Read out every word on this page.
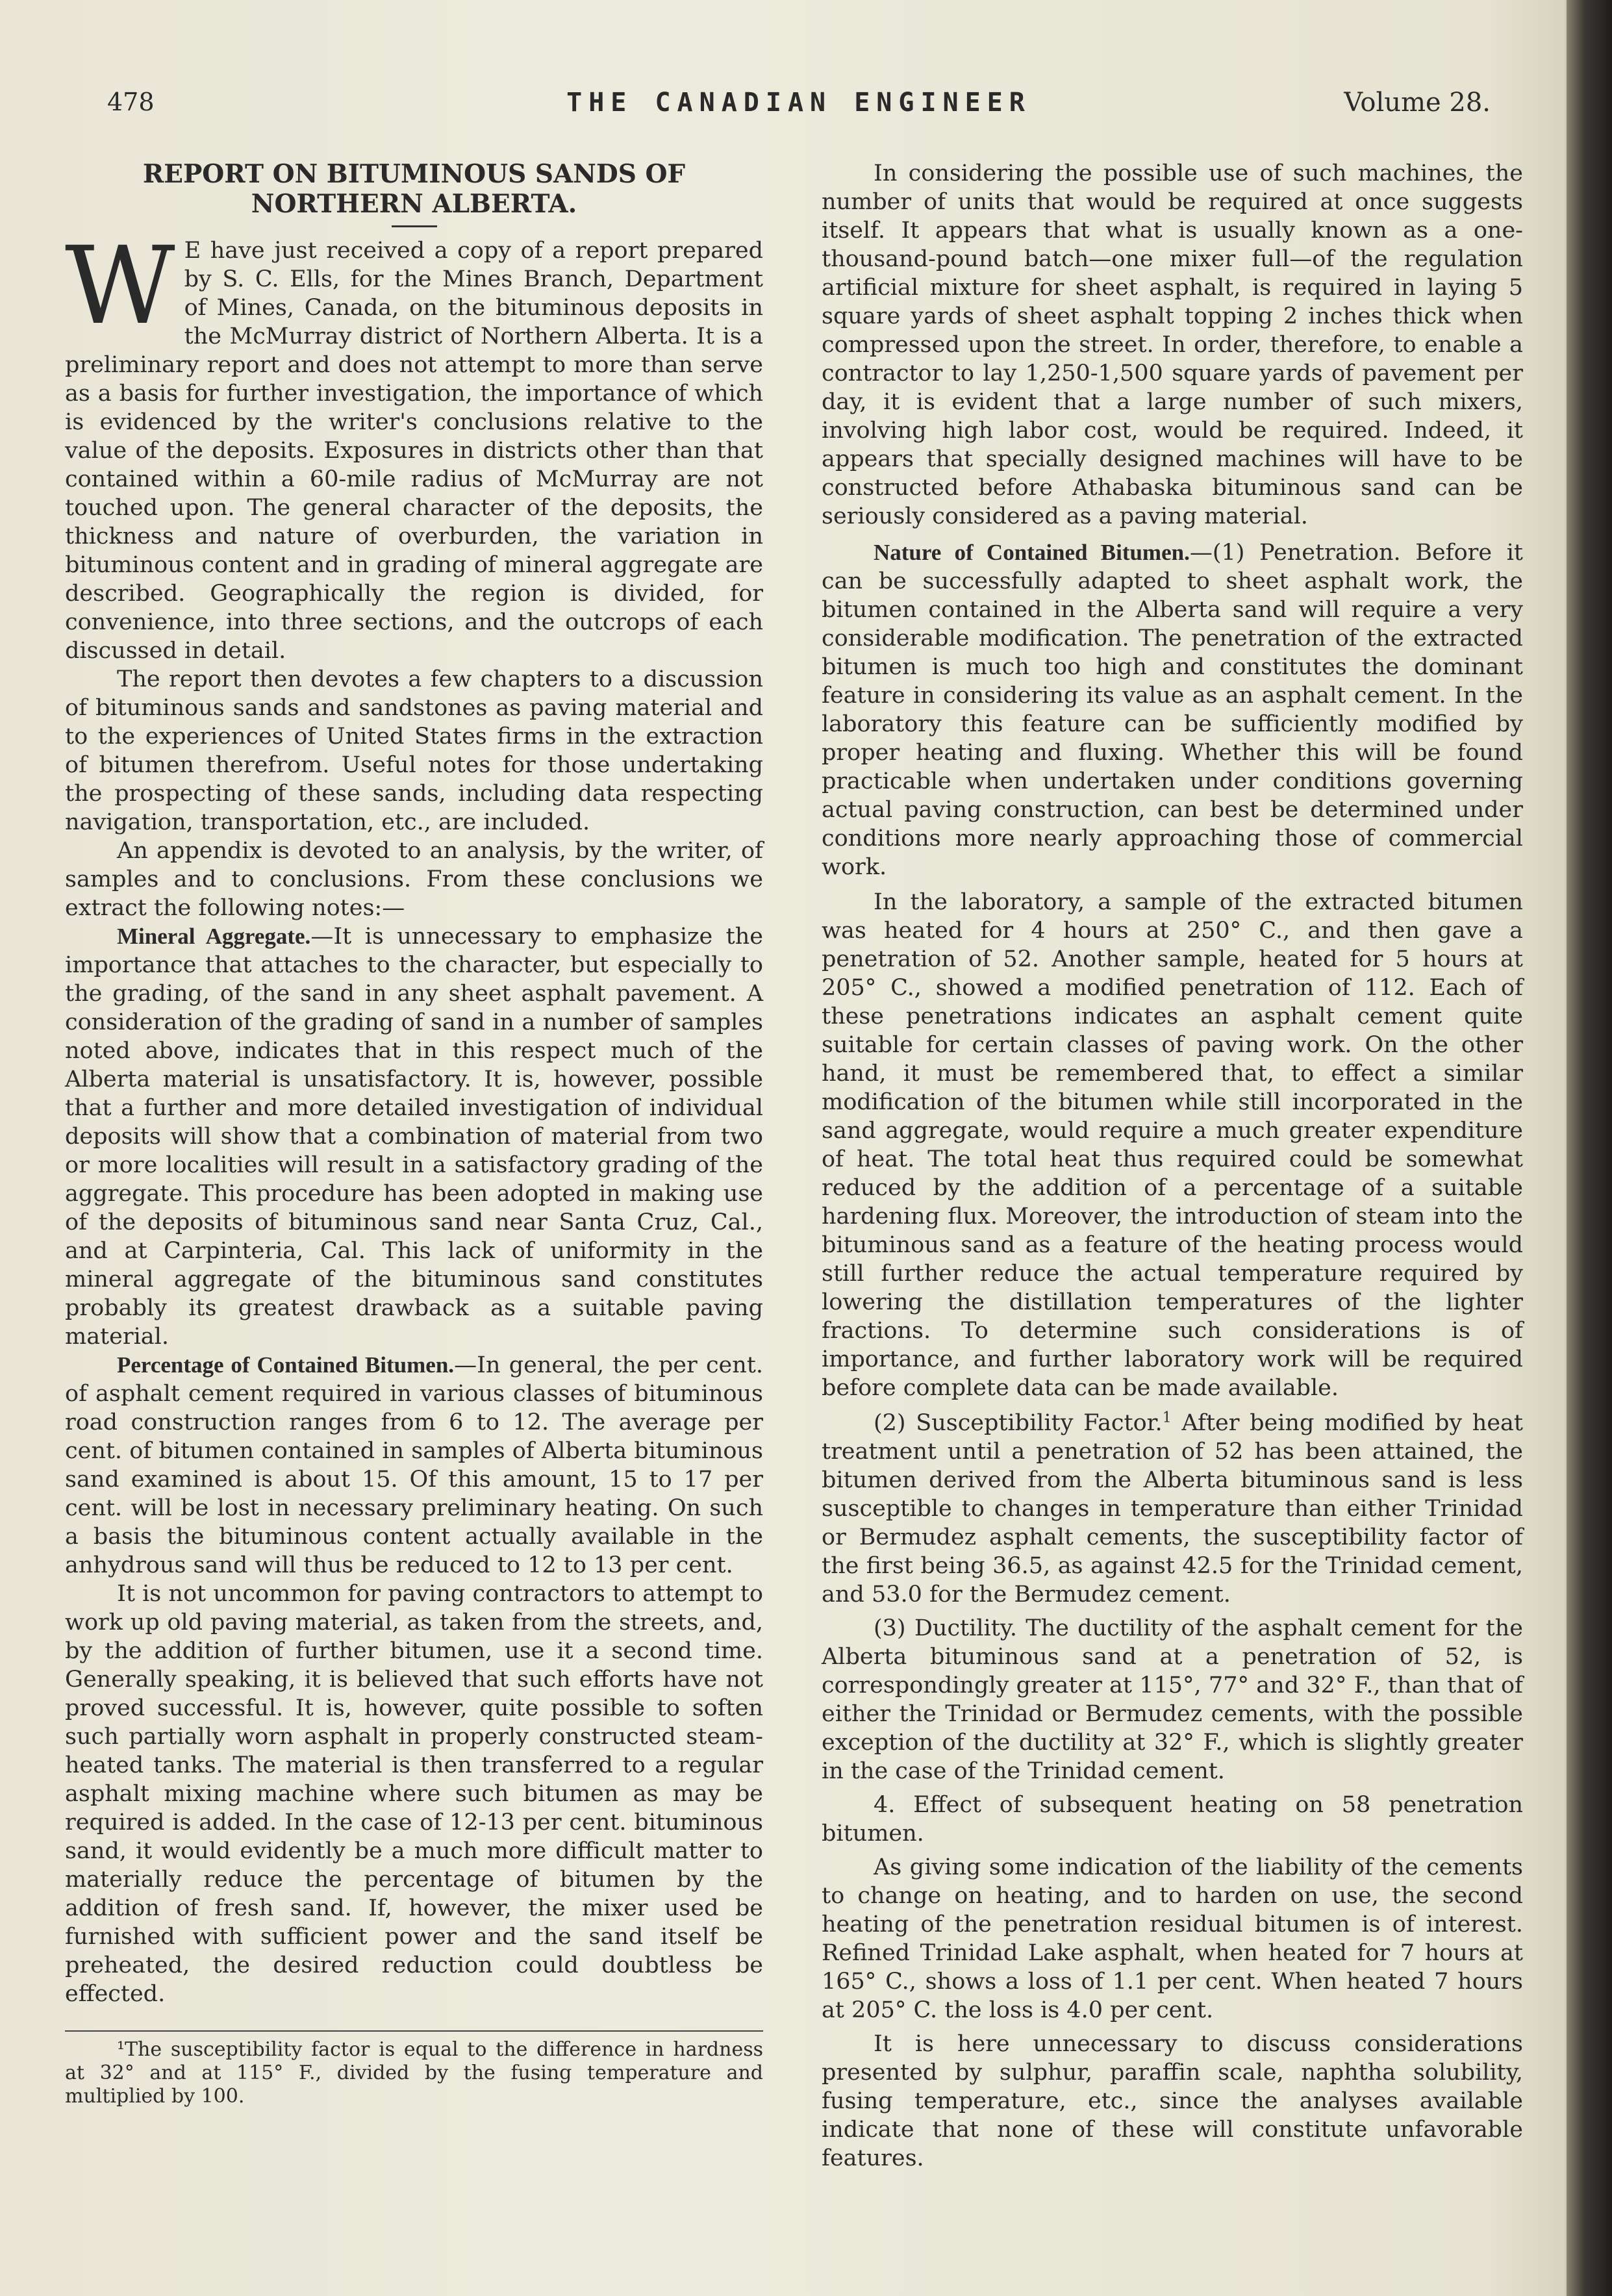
478	THE CANADIAN ENGINEER	Volume 28.
REPORT ON BITUMINOUS SANDS OF NORTHERN ALBERTA.

W E have just received a copy of a report prepared by S. C. Ells, for the Mines Branch, Department of Mines, Canada, on the bituminous deposits in the McMurray district of Northern Alberta. It is a preliminary report and does not attempt to more than serve as a basis for further investigation, the importance of which is evidenced by the writer's conclusions relative to the value of the deposits. Exposures in districts other than that contained within a 60-mile radius of McMurray are not touched upon. The general character of the deposits, the thickness and nature of overburden, the variation in bituminous content and in grading of mineral aggregate are described. Geographically the region is divided, for convenience, into three sections, and the outcrops of each discussed in detail.

The report then devotes a few chapters to a discussion of bituminous sands and sandstones as paving material and to the experiences of United States firms in the extraction of bitumen therefrom. Useful notes for those undertaking the prospecting of these sands, including data respecting navigation, transportation, etc., are included.

An appendix is devoted to an analysis, by the writer, of samples and to conclusions. From these conclusions we extract the following notes:—

Mineral Aggregate.—It is unnecessary to emphasize the importance that attaches to the character, but especially to the grading, of the sand in any sheet asphalt pavement. A consideration of the grading of sand in a number of samples noted above, indicates that in this respect much of the Alberta material is unsatisfactory. It is, however, possible that a further and more detailed investigation of individual deposits will show that a combination of material from two or more localities will result in a satisfactory grading of the aggregate. This procedure has been adopted in making use of the deposits of bituminous sand near Santa Cruz, Cal., and at Carpinteria, Cal. This lack of uniformity in the mineral aggregate of the bituminous sand constitutes probably its greatest drawback as a suitable paving material.

Percentage of Contained Bitumen.—In general, the per cent. of asphalt cement required in various classes of bituminous road construction ranges from 6 to 12. The average per cent. of bitumen contained in samples of Alberta bituminous sand examined is about 15. Of this amount, 15 to 17 per cent. will be lost in necessary preliminary heating. On such a basis the bituminous content actually available in the anhydrous sand will thus be reduced to 12 to 13 per cent.

It is not uncommon for paving contractors to attempt to work up old paving material, as taken from the streets, and, by the addition of further bitumen, use it a second time. Generally speaking, it is believed that such efforts have not proved successful. It is, however, quite possible to soften such partially worn asphalt in properly constructed steam-heated tanks. The material is then transferred to a regular asphalt mixing machine where such bitumen as may be required is added. In the case of 12-13 per cent. bituminous sand, it would evidently be a much more difficult matter to materially reduce the percentage of bitumen by the addition of fresh sand. If, however, the mixer used be furnished with sufficient power and the sand itself be preheated, the desired reduction could doubtless be effected.

¹The susceptibility factor is equal to the difference in hardness at 32° and at 115° F., divided by the fusing temperature and multiplied by 100.

In considering the possible use of such machines, the number of units that would be required at once suggests itself. It appears that what is usually known as a one-thousand-pound batch—one mixer full—of the regulation artificial mixture for sheet asphalt, is required in laying 5 square yards of sheet asphalt topping 2 inches thick when compressed upon the street. In order, therefore, to enable a contractor to lay 1,250-1,500 square yards of pavement per day, it is evident that a large number of such mixers, involving high labor cost, would be required. Indeed, it appears that specially designed machines will have to be constructed before Athabaska bituminous sand can be seriously considered as a paving material.

Nature of Contained Bitumen.—(1) Penetration. Before it can be successfully adapted to sheet asphalt work, the bitumen contained in the Alberta sand will require a very considerable modification. The penetration of the extracted bitumen is much too high and constitutes the dominant feature in considering its value as an asphalt cement. In the laboratory this feature can be sufficiently modified by proper heating and fluxing. Whether this will be found practicable when undertaken under conditions governing actual paving construction, can best be determined under conditions more nearly approaching those of commercial work.

In the laboratory, a sample of the extracted bitumen was heated for 4 hours at 250° C., and then gave a penetration of 52. Another sample, heated for 5 hours at 205° C., showed a modified penetration of 112. Each of these penetrations indicates an asphalt cement quite suitable for certain classes of paving work. On the other hand, it must be remembered that, to effect a similar modification of the bitumen while still incorporated in the sand aggregate, would require a much greater expenditure of heat. The total heat thus required could be somewhat reduced by the addition of a percentage of a suitable hardening flux. Moreover, the introduction of steam into the bituminous sand as a feature of the heating process would still further reduce the actual temperature required by lowering the distillation temperatures of the lighter fractions. To determine such considerations is of importance, and further laboratory work will be required before complete data can be made available.

(2) Susceptibility Factor.$^1$ After being modified by heat treatment until a penetration of 52 has been attained, the bitumen derived from the Alberta bituminous sand is less susceptible to changes in temperature than either Trinidad or Bermudez asphalt cements, the susceptibility factor of the first being 36.5, as against 42.5 for the Trinidad cement, and 53.0 for the Bermudez cement.

(3) Ductility. The ductility of the asphalt cement for the Alberta bituminous sand at a penetration of 52, is correspondingly greater at 115°, 77° and 32° F., than that of either the Trinidad or Bermudez cements, with the possible exception of the ductility at 32° F., which is slightly greater in the case of the Trinidad cement.

4. Effect of subsequent heating on 58 penetration bitumen.

As giving some indication of the liability of the cements to change on heating, and to harden on use, the second heating of the penetration residual bitumen is of interest. Refined Trinidad Lake asphalt, when heated for 7 hours at 165° C., shows a loss of 1.1 per cent. When heated 7 hours at 205° C. the loss is 4.0 per cent.

It is here unnecessary to discuss considerations presented by sulphur, paraffin scale, naphtha solubility, fusing temperature, etc., since the analyses available indicate that none of these will constitute unfavorable features.
